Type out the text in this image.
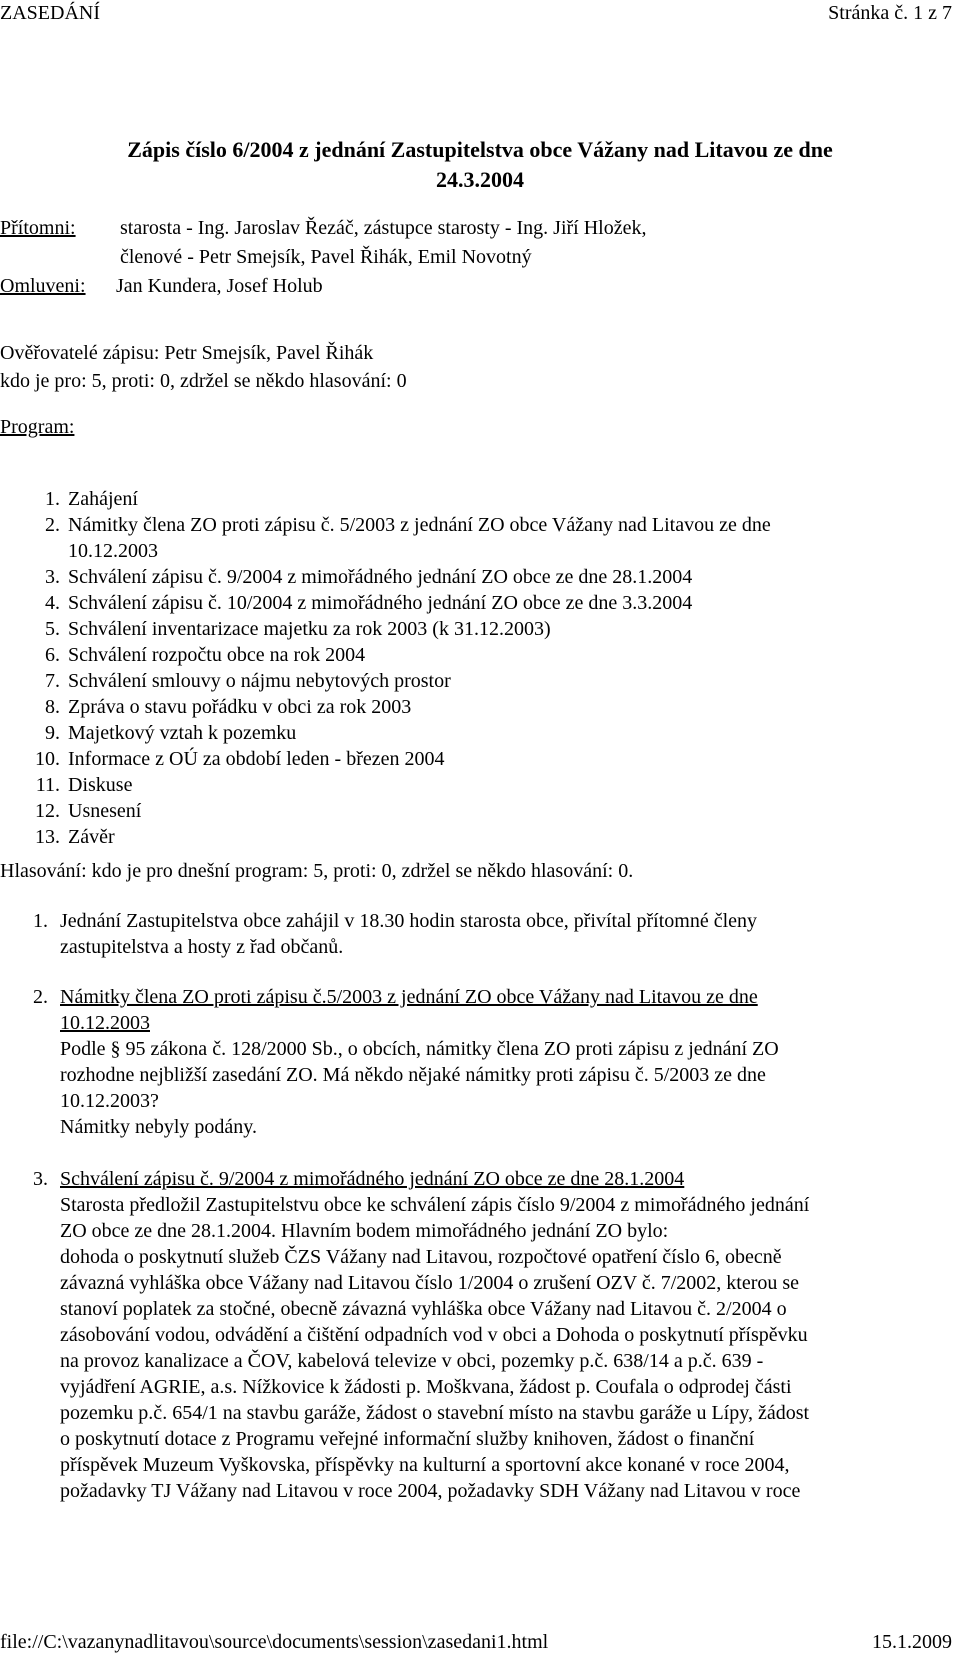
ZASEDÁNÍ	Stránka č. 1 z 7
Zápis číslo 6/2004 z jednání Zastupitelstva obce Vážany nad Litavou ze dne
24.3.2004
Přítomni: starosta - Ing. Jaroslav Řezáč, zástupce starosty - Ing. Jiří Hložek,
členové - Petr Smejsík, Pavel Řihák, Emil Novotný
Omluveni: Jan Kundera, Josef Holub
Ověřovatelé zápisu: Petr Smejsík, Pavel Řihák
kdo je pro: 5, proti: 0, zdržel se někdo hlasování: 0
Program:
1. Zahájení
2. Námitky člena ZO proti zápisu č. 5/2003 z jednání ZO obce Vážany nad Litavou ze dne
10.12.2003
3. Schválení zápisu č. 9/2004 z mimořádného jednání ZO obce ze dne 28.1.2004
4. Schválení zápisu č. 10/2004 z mimořádného jednání ZO obce ze dne 3.3.2004
5. Schválení inventarizace majetku za rok 2003 (k 31.12.2003)
6. Schválení rozpočtu obce na rok 2004
7. Schválení smlouvy o nájmu nebytových prostor
8. Zpráva o stavu pořádku v obci za rok 2003
9. Majetkový vztah k pozemku
10. Informace z OÚ za období leden - březen 2004
11. Diskuse
12. Usnesení
13. Závěr
Hlasování: kdo je pro dnešní program: 5, proti: 0, zdržel se někdo hlasování: 0.
1. Jednání Zastupitelstva obce zahájil v 18.30 hodin starosta obce, přivítal přítomné členy
zastupitelstva a hosty z řad občanů.
2. Námitky člena ZO proti zápisu č.5/2003 z jednání ZO obce Vážany nad Litavou ze dne
10.12.2003
Podle § 95 zákona č. 128/2000 Sb., o obcích, námitky člena ZO proti zápisu z jednání ZO
rozhodne nejbližší zasedání ZO. Má někdo nějaké námitky proti zápisu č. 5/2003 ze dne
10.12.2003?
Námitky nebyly podány.
3. Schválení zápisu č. 9/2004 z mimořádného jednání ZO obce ze dne 28.1.2004
Starosta předložil Zastupitelstvu obce ke schválení zápis číslo 9/2004 z mimořádného jednání
ZO obce ze dne 28.1.2004. Hlavním bodem mimořádného jednání ZO bylo:
dohoda o poskytnutí služeb ČZS Vážany nad Litavou, rozpočtové opatření číslo 6, obecně
závazná vyhláška obce Vážany nad Litavou číslo 1/2004 o zrušení OZV č. 7/2002, kterou se
stanoví poplatek za stočné, obecně závazná vyhláška obce Vážany nad Litavou č. 2/2004 o
zásobování vodou, odvádění a čištění odpadních vod v obci a Dohoda o poskytnutí příspěvku
na provoz kanalizace a ČOV, kabelová televize v obci, pozemky p.č. 638/14 a p.č. 639 -
vyjádření AGRIE, a.s. Nížkovice k žádosti p. Moškvana, žádost p. Coufala o odprodej části
pozemku p.č. 654/1 na stavbu garáže, žádost o stavební místo na stavbu garáže u Lípy, žádost
o poskytnutí dotace z Programu veřejné informační služby knihoven, žádost o finanční
příspěvek Muzeum Vyškovska, příspěvky na kulturní a sportovní akce konané v roce 2004,
požadavky TJ Vážany nad Litavou v roce 2004, požadavky SDH Vážany nad Litavou v roce
file://C:\vazanynadlitavou\source\documents\session\zasedani1.html	15.1.2009
